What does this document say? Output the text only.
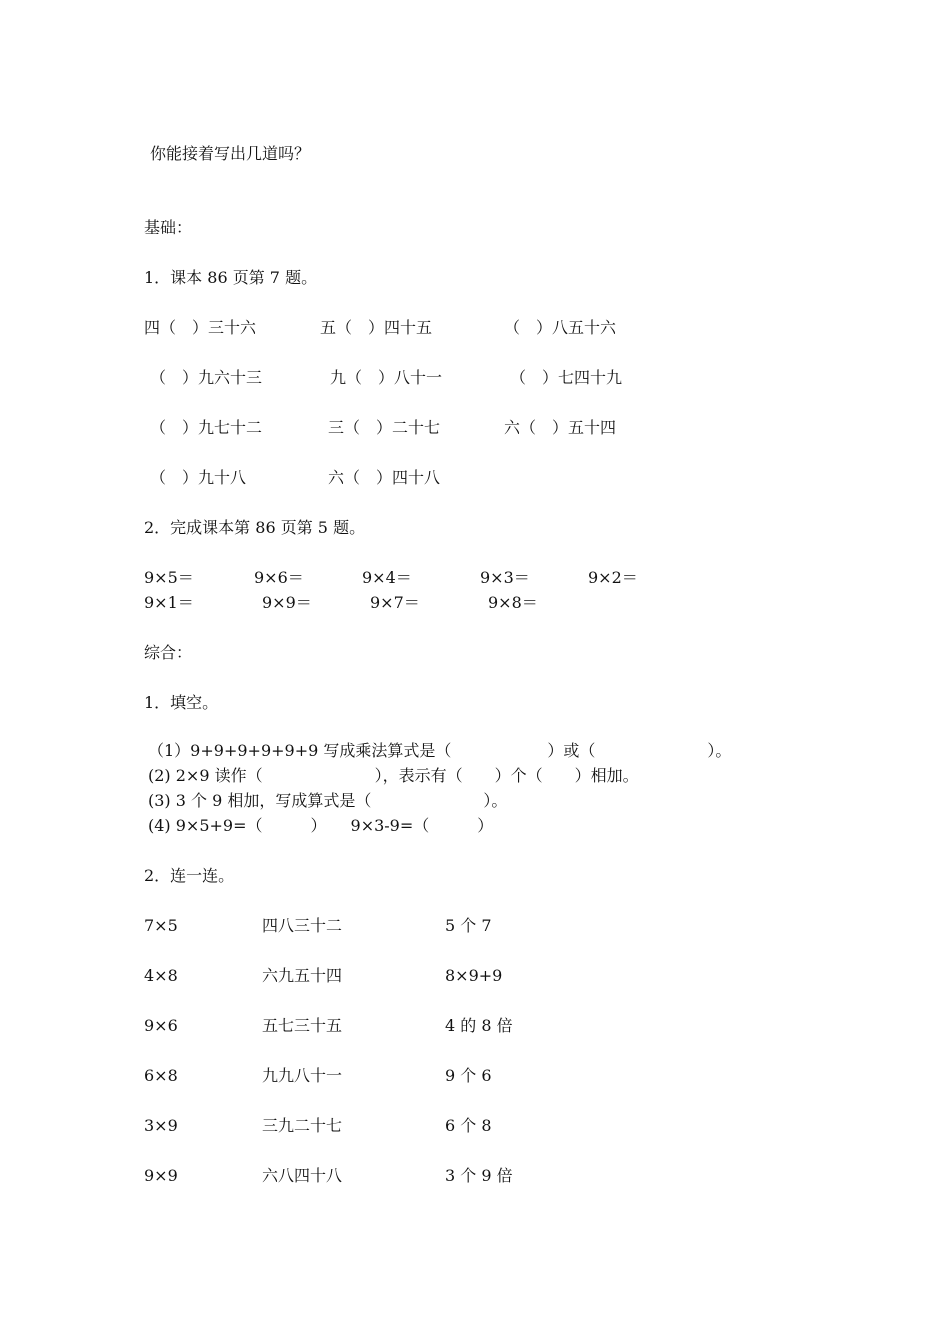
你能接着写出几道吗？
基础：
1．课本 86 页第 7 题。
四（　）三十六	五（　）四十五	（　）八五十六
（　）九六十三	九（　）八十一	（　）七四十九
（　）九七十二	三（　）二十七	六（　）五十四
（　）九十八	六（　）四十八
2．完成课本第 86 页第 5 题。
9×5＝	9×6＝	9×4＝	9×3＝	9×2＝
9×1＝	9×9＝	9×7＝	9×8＝
综合：
1．填空。
（1）9+9+9+9+9+9 写成乘法算式是（　　　　　　）或（　　　　　　　）。
(2) 2×9 读作（　　　　　　　），表示有（　　）个（　　）相加。
(3) 3 个 9 相加，写成算式是（　　　　　　　）。
(4) 9×5+9=（　　　）　　9×3-9=（　　　）
2．连一连。
7×5	四八三十二	5 个 7
4×8	六九五十四	8×9+9
9×6	五七三十五	4 的 8 倍
6×8	九九八十一	9 个 6
3×9	三九二十七	6 个 8
9×9	六八四十八	3 个 9 倍
